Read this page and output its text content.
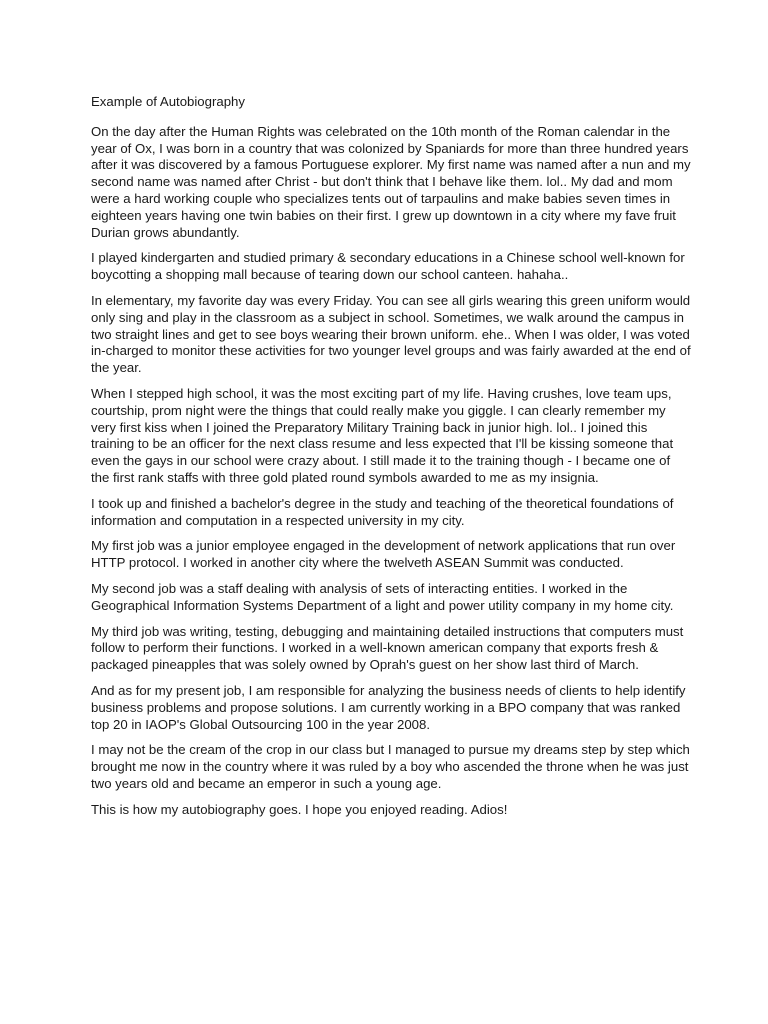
Example of Autobiography

On the day after the Human Rights was celebrated on the 10th month of the Roman calendar in the year of Ox, I was born in a country that was colonized by Spaniards for more than three hundred years after it was discovered by a famous Portuguese explorer. My first name was named after a nun and my second name was named after Christ - but don't think that I behave like them. lol.. My dad and mom were a hard working couple who specializes tents out of tarpaulins and make babies seven times in eighteen years having one twin babies on their first. I grew up downtown in a city where my fave fruit Durian grows abundantly.

I played kindergarten and studied primary & secondary educations in a Chinese school well-known for boycotting a shopping mall because of tearing down our school canteen. hahaha..

In elementary, my favorite day was every Friday. You can see all girls wearing this green uniform would only sing and play in the classroom as a subject in school. Sometimes, we walk around the campus in two straight lines and get to see boys wearing their brown uniform. ehe.. When I was older, I was voted in-charged to monitor these activities for two younger level groups and was fairly awarded at the end of the year.

When I stepped high school, it was the most exciting part of my life. Having crushes, love team ups, courtship, prom night were the things that could really make you giggle. I can clearly remember my very first kiss when I joined the Preparatory Military Training back in junior high. lol.. I joined this training to be an officer for the next class resume and less expected that I'll be kissing someone that even the gays in our school were crazy about. I still made it to the training though - I became one of the first rank staffs with three gold plated round symbols awarded to me as my insignia.

I took up and finished a bachelor's degree in the study and teaching of the theoretical foundations of information and computation in a respected university in my city.

My first job was a junior employee engaged in the development of network applications that run over HTTP protocol. I worked in another city where the twelveth ASEAN Summit was conducted.

My second job was a staff dealing with analysis of sets of interacting entities. I worked in the Geographical Information Systems Department of a light and power utility company in my home city.

My third job was writing, testing, debugging and maintaining detailed instructions that computers must follow to perform their functions. I worked in a well-known american company that exports fresh & packaged pineapples that was solely owned by Oprah's guest on her show last third of March.

And as for my present job, I am responsible for analyzing the business needs of clients to help identify business problems and propose solutions. I am currently working in a BPO company that was ranked top 20 in IAOP's Global Outsourcing 100 in the year 2008.

I may not be the cream of the crop in our class but I managed to pursue my dreams step by step which brought me now in the country where it was ruled by a boy who ascended the throne when he was just two years old and became an emperor in such a young age.

This is how my autobiography goes. I hope you enjoyed reading. Adios!
